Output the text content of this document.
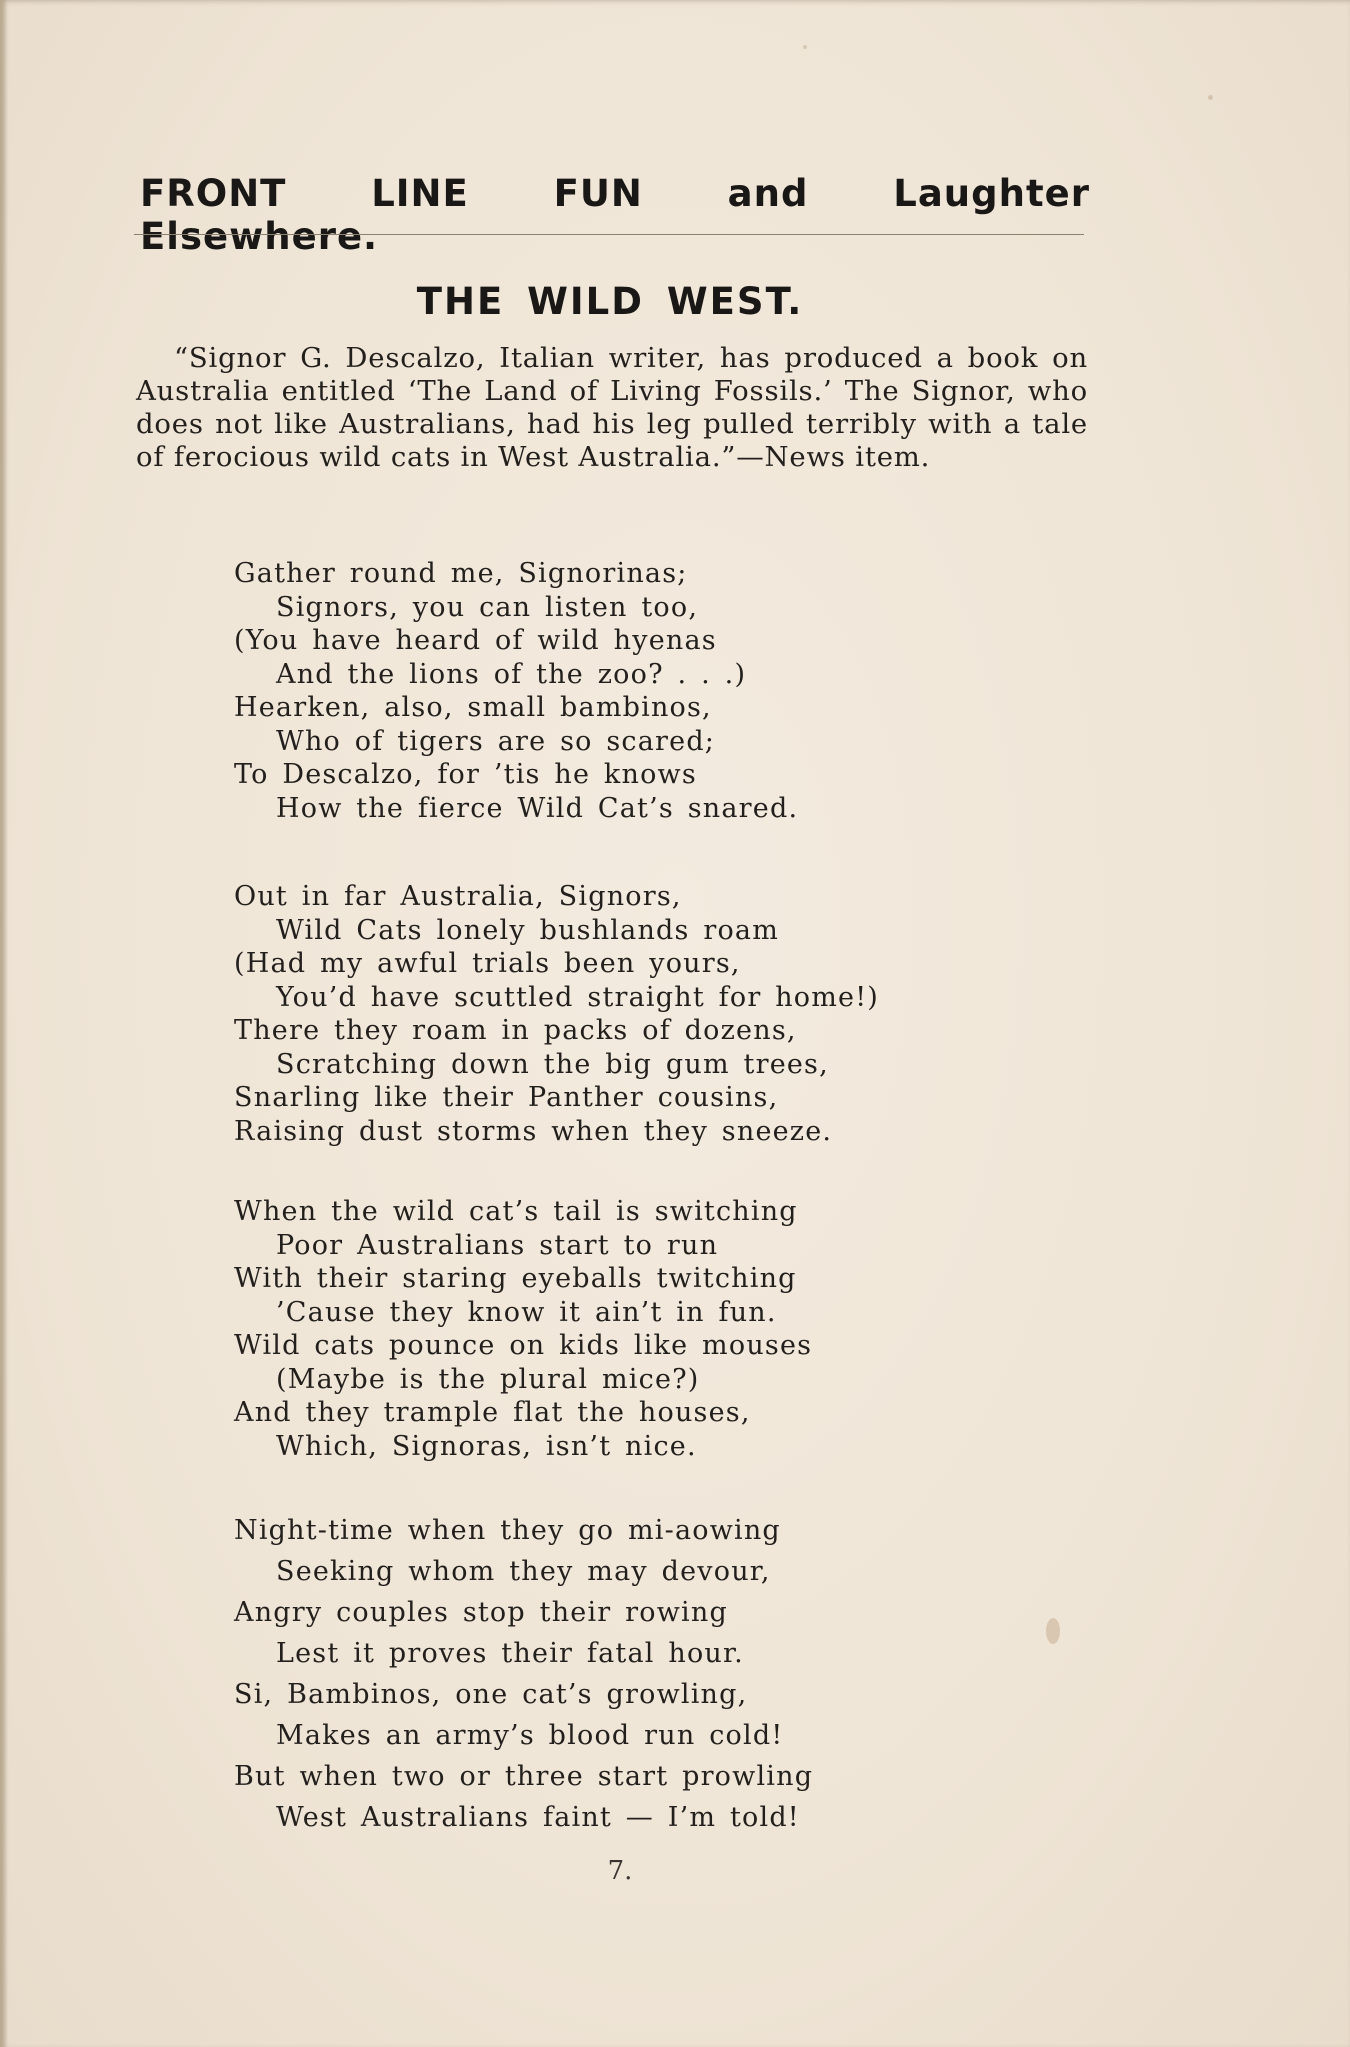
FRONT LINE FUN and Laughter Elsewhere.
THE WILD WEST.

“Signor G. Descalzo, Italian writer, has produced a book on Australia entitled ‘The Land of Living Fossils.’ The Signor, who does not like Australians, had his leg pulled terribly with a tale of ferocious wild cats in West Australia.”—News item.

Gather round me, Signorinas;
Signors, you can listen too,
(You have heard of wild hyenas
And the lions of the zoo? . . .)
Hearken, also, small bambinos,
Who of tigers are so scared;
To Descalzo, for ’tis he knows
How the fierce Wild Cat’s snared.
Out in far Australia, Signors,
Wild Cats lonely bushlands roam
(Had my awful trials been yours,
You’d have scuttled straight for home!)
There they roam in packs of dozens,
Scratching down the big gum trees,
Snarling like their Panther cousins,
Raising dust storms when they sneeze.
When the wild cat’s tail is switching
Poor Australians start to run
With their staring eyeballs twitching
’Cause they know it ain’t in fun.
Wild cats pounce on kids like mouses
(Maybe is the plural mice?)
And they trample flat the houses,
Which, Signoras, isn’t nice.
Night-time when they go mi-aowing
Seeking whom they may devour,
Angry couples stop their rowing
Lest it proves their fatal hour.
Si, Bambinos, one cat’s growling,
Makes an army’s blood run cold!
But when two or three start prowling
West Australians faint — I’m told!
7.
